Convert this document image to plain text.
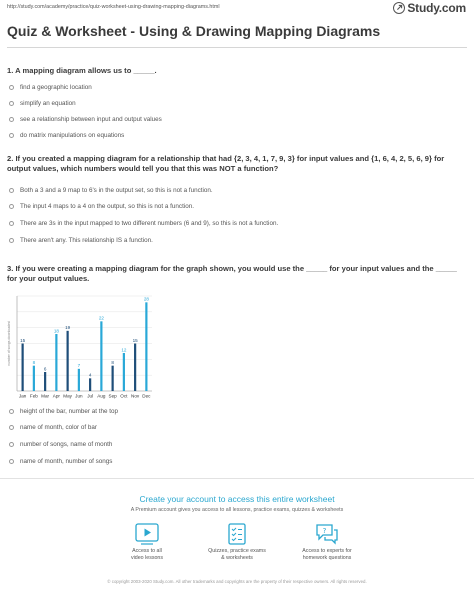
http://study.com/academy/practice/quiz-worksheet-using-drawing-mapping-diagrams.html	Study.com
Quiz & Worksheet - Using & Drawing Mapping Diagrams
1. A mapping diagram allows us to _____.
find a geographic location
simplify an equation
see a relationship between input and output values
do matrix manipulations on equations
2. If you created a mapping diagram for a relationship that had {2, 3, 4, 1, 7, 9, 3} for input values and {1, 6, 4, 2, 5, 6, 9} for output values, which numbers would tell you that this was NOT a function?
Both a 3 and a 9 map to 6's in the output set, so this is not a function.
The input 4 maps to a 4 on the output, so this is not a function.
There are 3s in the input mapped to two different numbers (6 and 9), so this is not a function.
There aren't any. This relationship IS a function.
3. If you were creating a mapping diagram for the graph shown, you would use the _____ for your input values and the _____ for your output values.
number of songs downloaded 15
Jan
8
Feb
6
Mar
18
Apr
19
May
7
Jun
4
Jul
22
Aug
8
Sep
12
Oct
15
Nov
28
Dec
height of the bar, number at the top
name of month, color of bar
number of songs, name of month
name of month, number of songs
Create your account to access this entire worksheet
A Premium account gives you access to all lessons, practice exams, quizzes & worksheets
Access to all
video lessons
Quizzes, practice exams
& worksheets
?
Access to experts for
homework questions
© copyright 2003-2020 Study.com. All other trademarks and copyrights are the property of their respective owners. All rights reserved.
